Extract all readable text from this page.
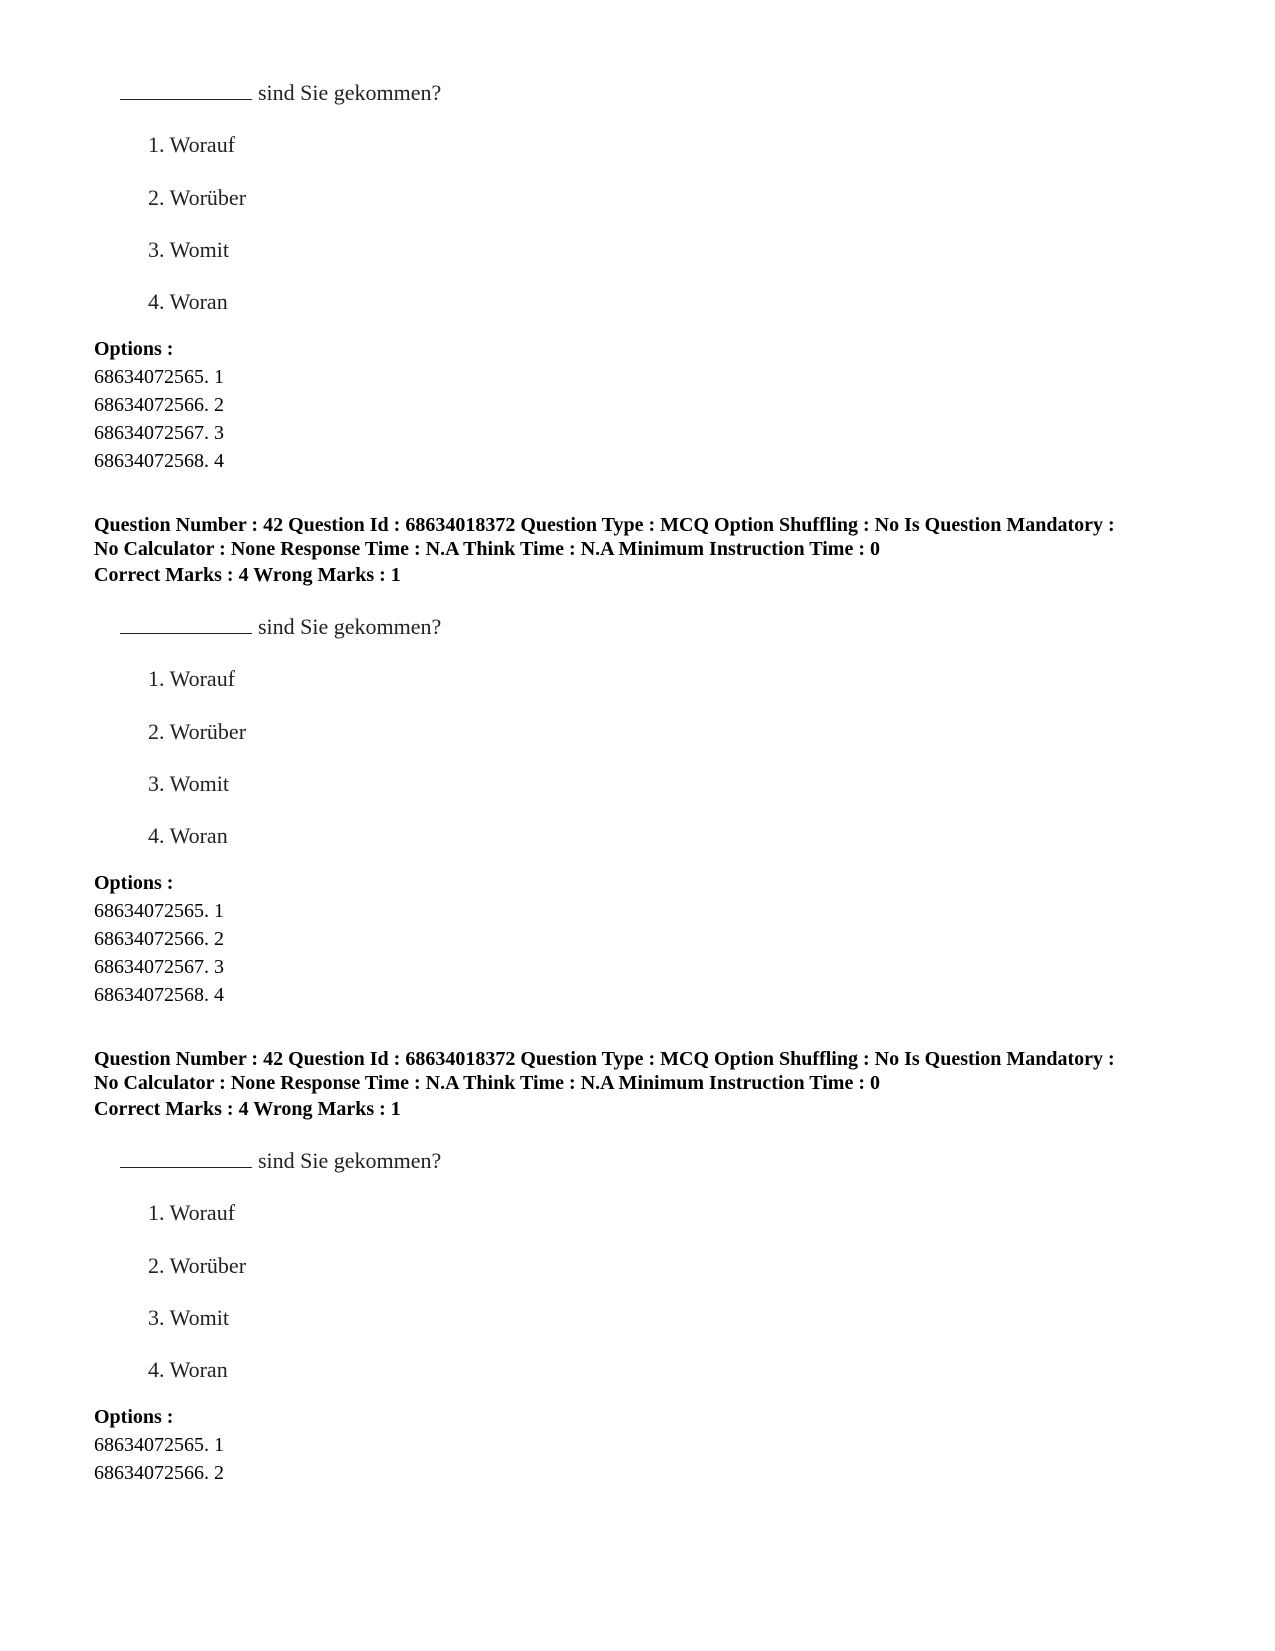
sind Sie gekommen?
1. Worauf
2. Worüber
3. Womit
4. Woran
Options :
68634072565. 1
68634072566. 2
68634072567. 3
68634072568. 4
Question Number : 42 Question Id : 68634018372 Question Type : MCQ Option Shuffling : No Is Question Mandatory :
No Calculator : None Response Time : N.A Think Time : N.A Minimum Instruction Time : 0
Correct Marks : 4 Wrong Marks : 1
sind Sie gekommen?
1. Worauf
2. Worüber
3. Womit
4. Woran
Options :
68634072565. 1
68634072566. 2
68634072567. 3
68634072568. 4
Question Number : 42 Question Id : 68634018372 Question Type : MCQ Option Shuffling : No Is Question Mandatory :
No Calculator : None Response Time : N.A Think Time : N.A Minimum Instruction Time : 0
Correct Marks : 4 Wrong Marks : 1
sind Sie gekommen?
1. Worauf
2. Worüber
3. Womit
4. Woran
Options :
68634072565. 1
68634072566. 2
